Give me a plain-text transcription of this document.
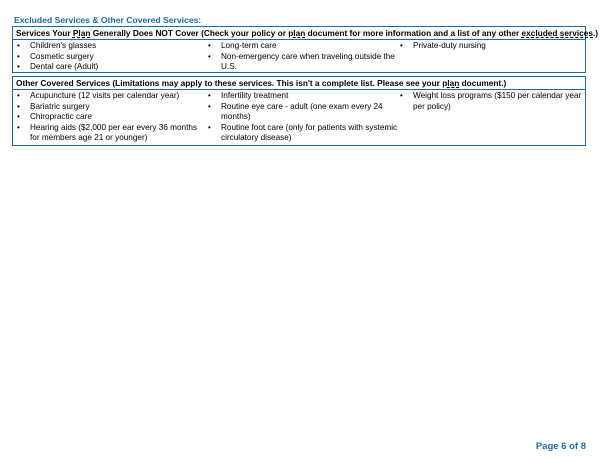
Excluded Services & Other Covered Services:
Services Your Plan Generally Does NOT Cover (Check your policy or plan document for more information and a list of any other excluded services.)
• Children's glasses
• Cosmetic surgery
• Dental care (Adult)
• Long-term care
• Non-emergency care when traveling outside the U.S.
• Private-duty nursing
Other Covered Services (Limitations may apply to these services. This isn't a complete list. Please see your plan document.)
• Acupuncture (12 visits per calendar year)
• Bariatric surgery
• Chiropractic care
• Hearing aids ($2,000 per ear every 36 months for members age 21 or younger)
• Infertility treatment
• Routine eye care - adult (one exam every 24 months)
• Routine foot care (only for patients with systemic circulatory disease)
• Weight loss programs ($150 per calendar year per policy)
Page 6 of 8
